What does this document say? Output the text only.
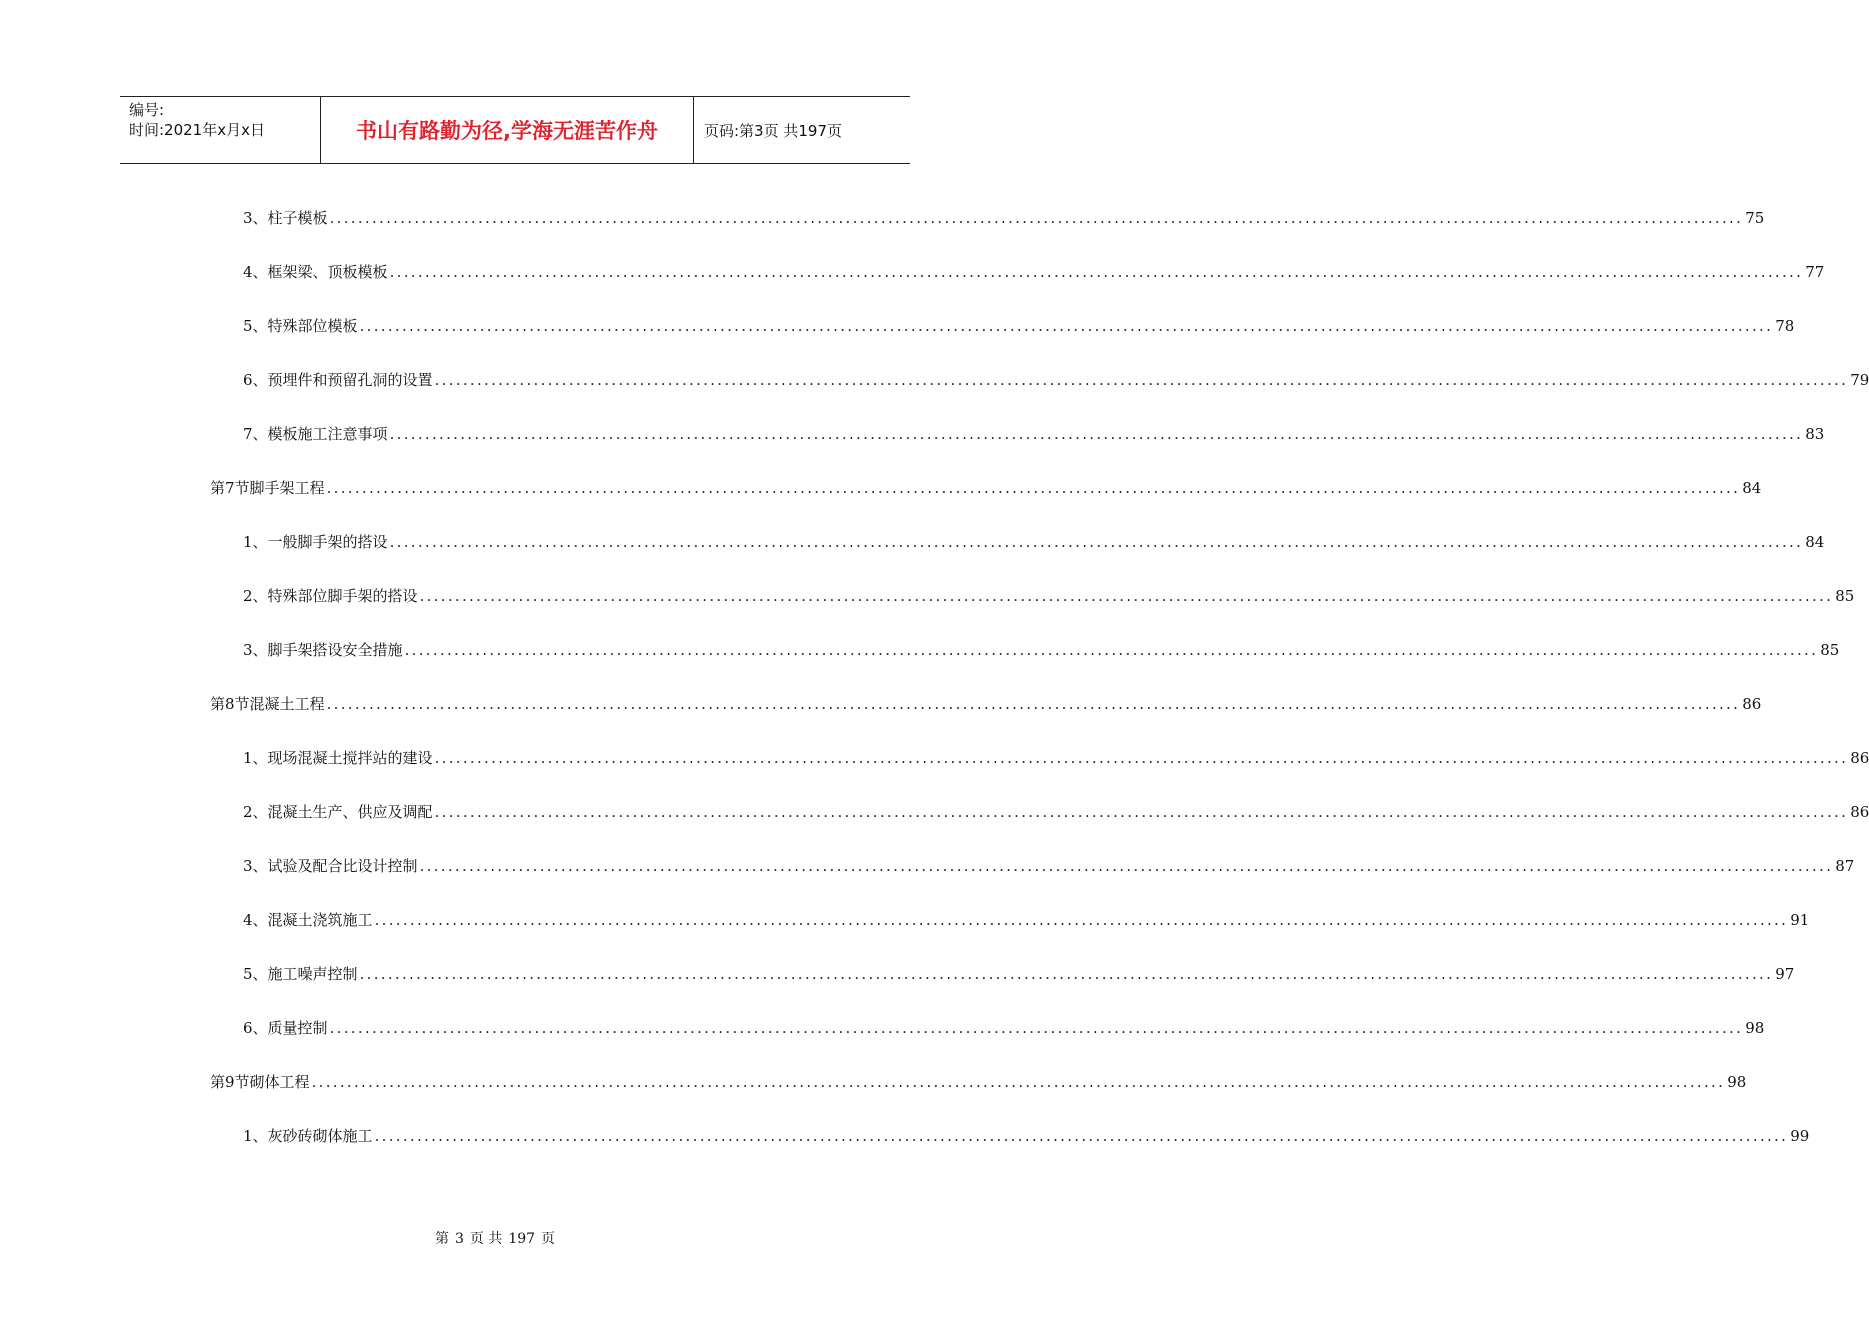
编号:
时间:2021年x月x日	书山有路勤为径,学海无涯苦作舟	页码:第3页 共197页
3、 柱子模板 ........................................................................................................................................................................................................ 75
4、 框架梁、顶板模板 ........................................................................................................................................................................................................ 77
5、 特殊部位模板 ........................................................................................................................................................................................................ 78
6、 预埋件和预留孔洞的设置 ........................................................................................................................................................................................................ 79
7、 模板施工注意事项 ........................................................................................................................................................................................................ 83
第7节 脚手架工程 ........................................................................................................................................................................................................ 84
1、 一般脚手架的搭设 ........................................................................................................................................................................................................ 84
2、 特殊部位脚手架的搭设 ........................................................................................................................................................................................................ 85
3、 脚手架搭设安全措施 ........................................................................................................................................................................................................ 85
第8节 混凝土工程 ........................................................................................................................................................................................................ 86
1、 现场混凝土搅拌站的建设 ........................................................................................................................................................................................................ 86
2、 混凝土生产、供应及调配 ........................................................................................................................................................................................................ 86
3、 试验及配合比设计控制 ........................................................................................................................................................................................................ 87
4、 混凝土浇筑施工 ........................................................................................................................................................................................................ 91
5、 施工噪声控制 ........................................................................................................................................................................................................ 97
6、 质量控制 ........................................................................................................................................................................................................ 98
第9节 砌体工程 ........................................................................................................................................................................................................ 98
1、 灰砂砖砌体施工 ........................................................................................................................................................................................................ 99
第 3 页 共 197 页
